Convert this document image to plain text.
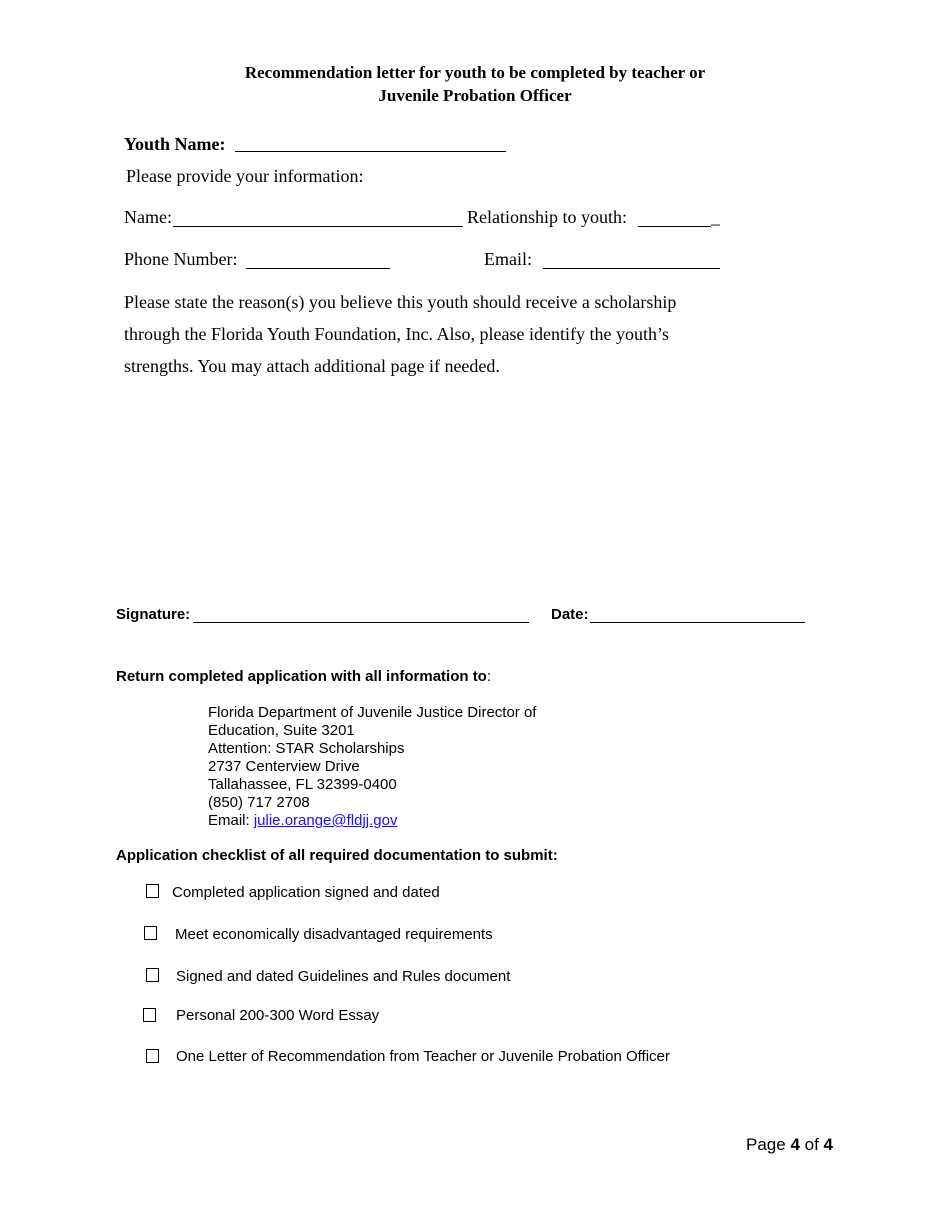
Recommendation letter for youth to be completed by teacher or
Juvenile Probation Officer
Youth Name:
Please provide your information:
Name:	Relationship to youth:	_
Phone Number:	Email:
Please state the reason(s) you believe this youth should receive a scholarship
through the Florida Youth Foundation, Inc. Also, please identify the youth’s
strengths. You may attach additional page if needed.
Signature:	Date:
Return completed application with all information to:
Florida Department of Juvenile Justice Director of
Education, Suite 3201
Attention: STAR Scholarships
2737 Centerview Drive
Tallahassee, FL 32399-0400
(850) 717 2708
Email: julie.orange@fldjj.gov
Application checklist of all required documentation to submit:
Completed application signed and dated
Meet economically disadvantaged requirements
Signed and dated Guidelines and Rules document
Personal 200-300 Word Essay
One Letter of Recommendation from Teacher or Juvenile Probation Officer
Page 4 of 4
